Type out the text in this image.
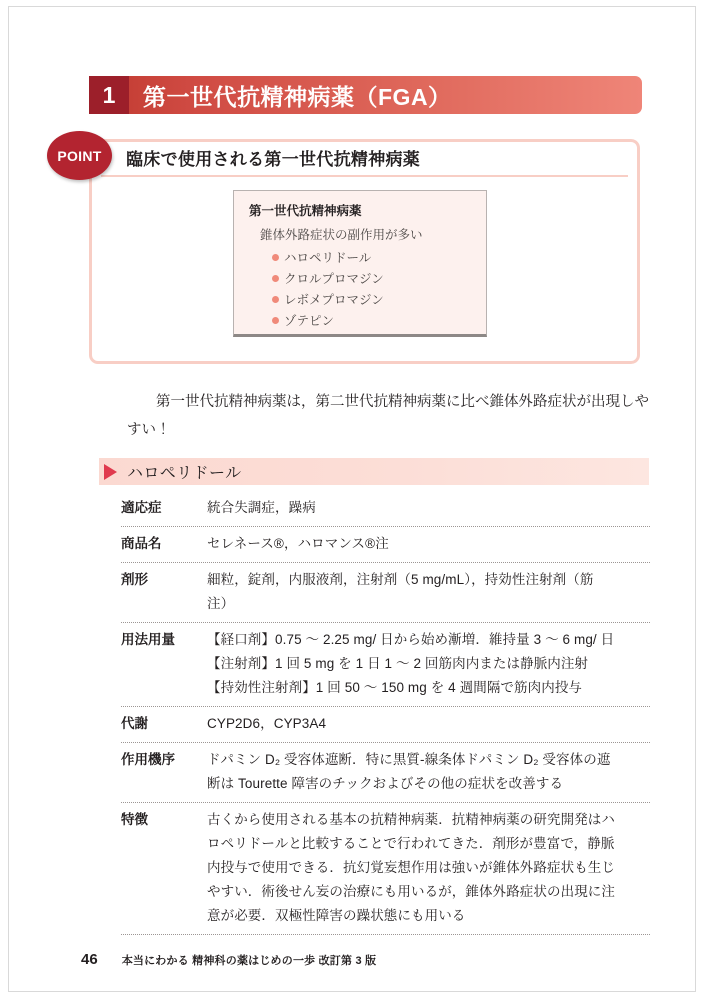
1	第一世代抗精神病薬（FGA）
POINT	臨床で使用される第一世代抗精神病薬
第一世代抗精神病薬
錐体外路症状の副作用が多い
ハロペリドール
クロルプロマジン
レボメプロマジン
ゾテピン
第一世代抗精神病薬は，第二世代抗精神病薬に比べ錐体外路症状が出現しやすい！
ハロペリドール
適応症	統合失調症，躁病
商品名	セレネース®，ハロマンス®注
剤形	細粒，錠剤，内服液剤，注射剤（5 mg/mL），持効性注射剤（筋
注）
用法用量	【経口剤】0.75 〜 2.25 mg/ 日から始め漸増．維持量 3 〜 6 mg/ 日
【注射剤】1 回 5 mg を 1 日 1 〜 2 回筋肉内または静脈内注射
【持効性注射剤】1 回 50 〜 150 mg を 4 週間隔で筋肉内投与
代謝	CYP2D6，CYP3A4
作用機序	ドパミン D₂ 受容体遮断．特に黒質-線条体ドパミン D₂ 受容体の遮
断は Tourette 障害のチックおよびその他の症状を改善する
特徴	古くから使用される基本の抗精神病薬．抗精神病薬の研究開発はハ
ロペリドールと比較することで行われてきた．剤形が豊富で，静脈
内投与で使用できる．抗幻覚妄想作用は強いが錐体外路症状も生じ
やすい．術後せん妄の治療にも用いるが，錐体外路症状の出現に注
意が必要．双極性障害の躁状態にも用いる
46 本当にわかる 精神科の薬はじめの一歩 改訂第 3 版
